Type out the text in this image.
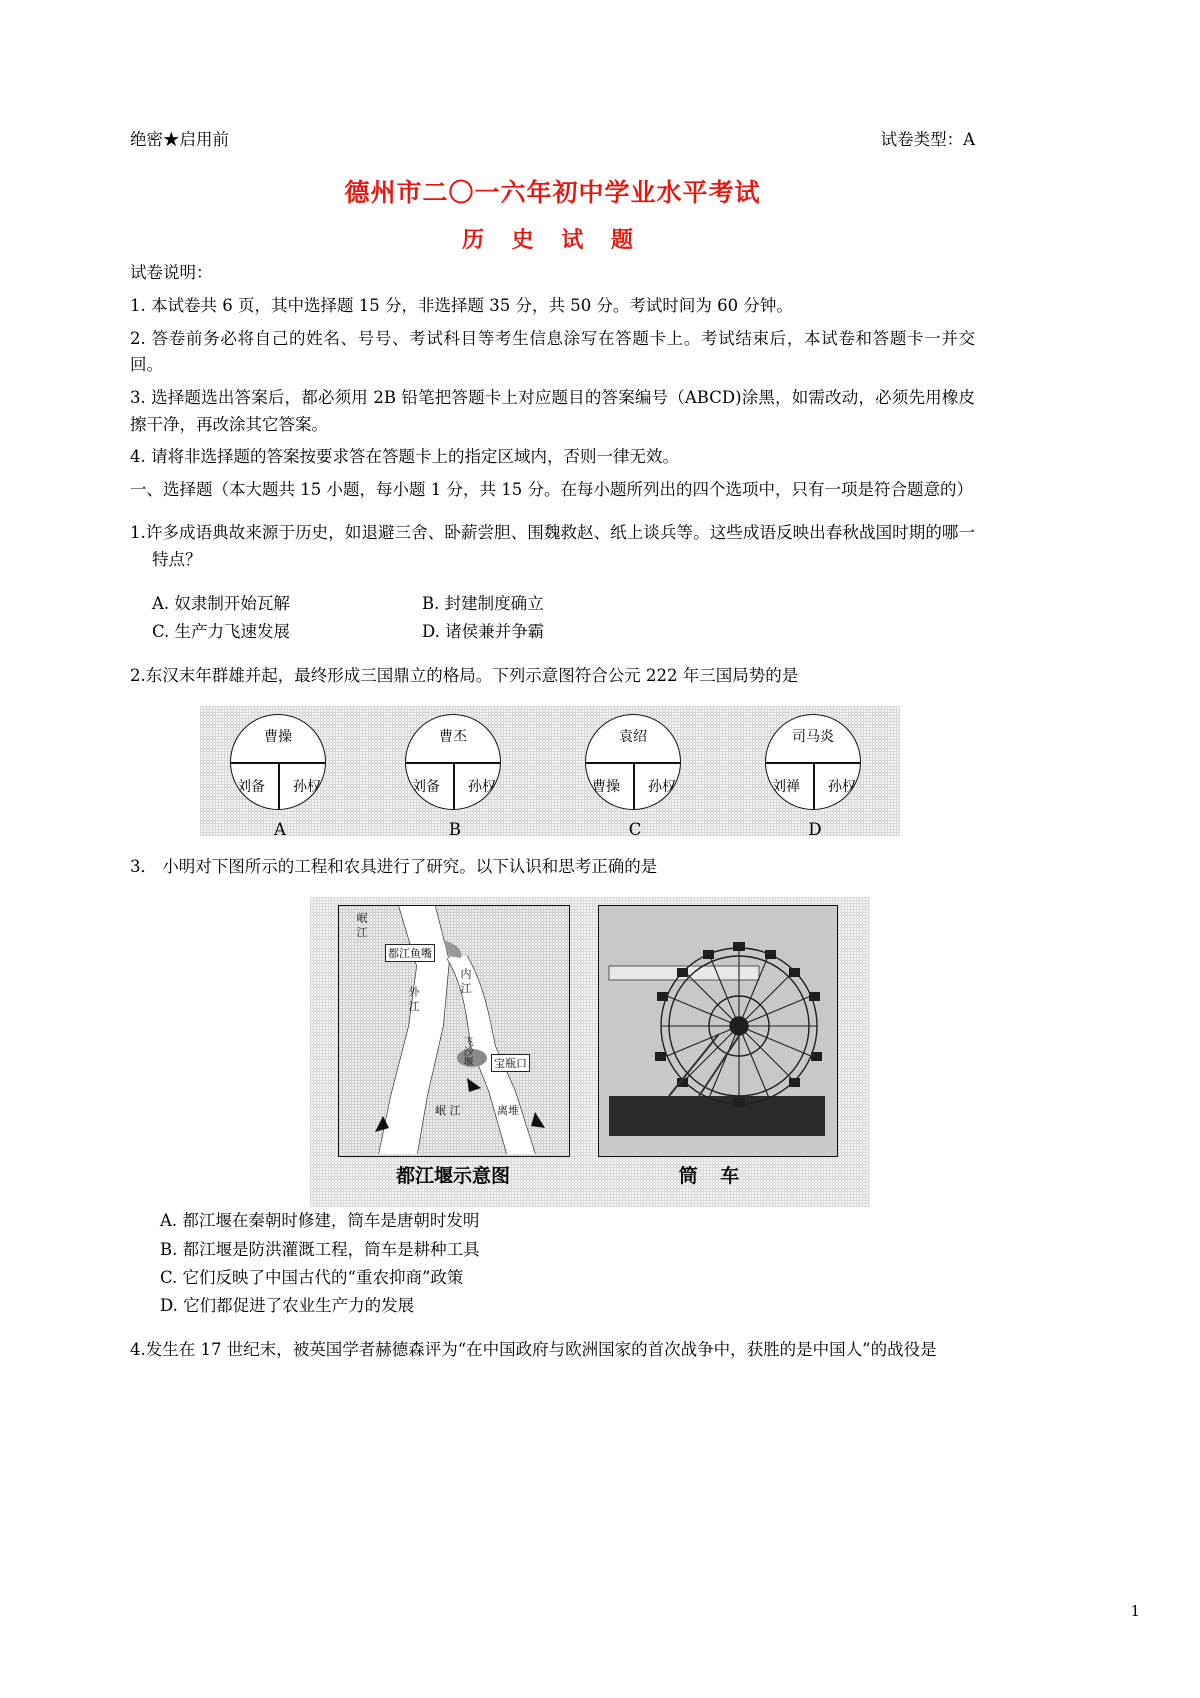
绝密★启用前	试卷类型：A
德州市二〇一六年初中学业水平考试
历 史 试 题

试卷说明：

1. 本试卷共 6 页，其中选择题 15 分，非选择题 35 分，共 50 分。考试时间为 60 分钟。

2. 答卷前务必将自己的姓名、号号、考试科目等考生信息涂写在答题卡上。考试结束后，本试卷和答题卡一并交回。

3. 选择题选出答案后，都必须用 2B 铅笔把答题卡上对应题目的答案编号（ABCD)涂黑，如需改动，必须先用橡皮擦干净，再改涂其它答案。

4. 请将非选择题的答案按要求答在答题卡上的指定区域内，否则一律无效。

一、选择题（本大题共 15 小题，每小题 1 分，共 15 分。在每小题所列出的四个选项中，只有一项是符合题意的）

1.许多成语典故来源于历史，如退避三舍、卧薪尝胆、围魏救赵、纸上谈兵等。这些成语反映出春秋战国时期的哪一特点？

A. 奴隶制开始瓦解	B. 封建制度确立
C. 生产力飞速发展	D. 诸侯兼并争霸

2.东汉末年群雄并起，最终形成三国鼎立的格局。下列示意图符合公元 222 年三国局势的是

曹操
刘备 孙权
A
曹丕
刘备 孙权
B
袁绍
曹操 孙权
C
司马炎
刘禅 孙权
D

3． 小明对下图所示的工程和农具进行了研究。以下认识和思考正确的是

岷 江
都江鱼嘴
内 江
外 江
飞沙堰 宝瓶口
岷 江	离堆
都江堰示意图	筒 车
A. 都江堰在秦朝时修建，筒车是唐朝时发明
B. 都江堰是防洪灌溉工程，筒车是耕种工具
C. 它们反映了中国古代的“重农抑商”政策
D. 它们都促进了农业生产力的发展

4.发生在 17 世纪末，被英国学者赫德森评为“在中国政府与欧洲国家的首次战争中，获胜的是中国人”的战役是

1
